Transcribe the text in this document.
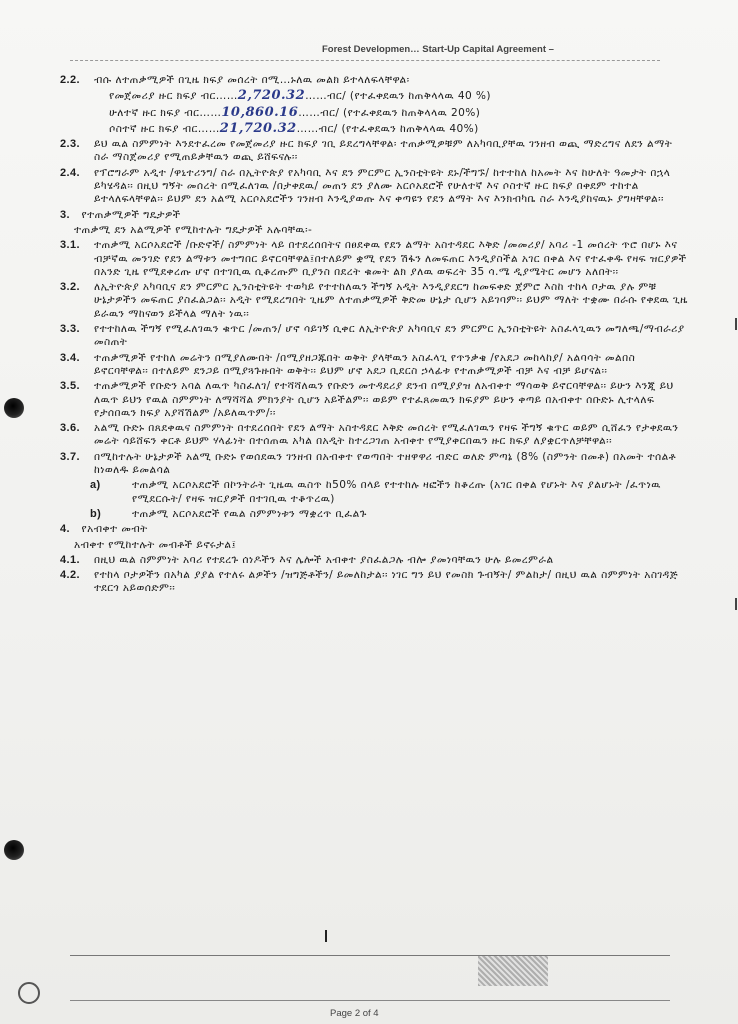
Forest Developmen… Start-Up Capital Agreement –
2.2. ብሱ ለተጠቃሚዎች በጊዜ ክፍያ መሰረት በሚ…ኑለዉ መልክ ይተላለፍላቸዋል፡
የመጀመሪያ ዙር ክፍያ ብር……2,720.32……ብር/ (የተፈቀደዉን ከጠቅላላዉ 40 %)
ሁለተኛ ዙር ክፍያ ብር……10,860.16……ብር/ (የተፈቀደዉን ከጠቅላላዉ 20%)
ሶስተኛ ዙር ክፍያ ብር……21,720.32……ብር/ (የተፈቀደዉን ከጠቅላላዉ 40%)
2.3. ይህ ዉል ስምምነት እንደተፈረመ የመጀመሪያ ዙር ክፍያ ገቢ ይደረግላቸዋል፡ ተጠቃሚዎቹም ለአካባቢያቸዉ ገንዘብ ወጪ ማድረግና ለደን ልማት ስራ ማስጀመሪያ የሚጠይቃቸዉን ወጪ ይሸፍናሉ፡፡
2.4. የፕሮግራም አዲተ /ዋኒተሪንግ/ ስራ በኢትዮጵያ የአካባቢ እና ደን ምርምር ኢንስቲትዩት ደኑ/ችግኙ/ ከተተከለ ከአመት እና ከሁለት ዓመታት በኋላ ይካሄዳል፡፡ በዚህ ግኝት መሰረት በሚፈለገዉ /በታቀደዉ/ መጠን ደን ያለሙ አርሶአደሮች የሁለተኛ እና ሶስተኛ ዙር ክፍያ በቀደም ተከተል ይተላለፍላቸዋል፡፡ ይህም ደን አልሚ አርሶአደሮችን ገንዘብ እንዲያወጡ እና ቀጣዩን የደን ልማት እና እንክብካቤ ስራ እንዲያከናዉኑ ያግዛቸዋል፡፡
3. የተጠቃሚዎች ግዴታዎች
ተጠቃሚ ደን አልሚዎች የሚከተሉት ግዴታዎች አሉባቸዉ፡-
3.1. ተጠቃሚ አርሶአደሮች /ቡድኖች/ ስምምነት ላይ በተደረሰበትና በፀደቀዉ የደን ልማት አስተዳደር እቅድ /መመሪያ/ አባሪ -1 መሰረት ጥሮ በሆኑ እና ብቻኛዉ መንገድ የደን ልማቱን መተግበር ይኖርባቸዋል፤በተለይም ቋሚ የደን ሽፋን ለመፍጠር እንዲያስችል አገር በቀል እና የተፈቀዱ የዛፍ ዝርያዎች በአንድ ጊዜ የሚደቀረጡ ሆኖ በተገቢዉ ሲቆረጡም ቢያንስ በደረት ቁመት ልክ ያለዉ ወፍረት 35 ሳ.ሜ ዲያሜትር መሆን አለበት፡፡
3.2. ለኢትዮጵያ አካባቢና ደን ምርምር ኢንስቲትዩት ተወካይ የተተከለዉን ችግኝ አዲት እንዲያደርግ ከመፍቀድ ጀምሮ እስከ ተከላ ቦታዉ ያሉ ምቹ ሁኔታዎችን መፍጠር ያስፈልጋል፡፡ አዲት የሚደረግበት ጊዜም ለተጠቃሚዎች ቅድመ ሁኔታ ሲሆን አይገባም፡፡ ይህም ማለት ተቋሙ በራሱ የቀደዉ ጊዜ ይራዉን ማከናወን ይችላል ማለት ነዉ፡፡
3.3. የተተከለዉ ችግኝ የሚፈለገዉን ቁጥር /መጠን/ ሆኖ ሳይገኝ ሲቀር ለኢትዮጵያ አካባቢና ደን ምርምር ኢንስቲትዩት አስፈላጊዉን መግለጫ/ማብራሪያ መስጠት
3.4. ተጠቃሚዎች የተከለ መሬትን በሚያለሙበት /በሚያዘጋጁበት ወቅት ያላቸዉን አስፈላጊ የጥንቃቄ /የአደጋ መከላከያ/ አልባሳት መልበስ ይኖርባቸዋል፡፡ በተለይም ደንጋይ በሚያጓጉዙበት ወቅት፡፡ ይህም ሆኖ አደጋ ቢደርስ ኃላፊቱ የተጠቃሚዎች ብቻ እና ብቻ ይሆናል፡፡
3.5. ተጠቃሚዎች የቡድን አባል ለዉጥ ካስፈለገ/ የተሻሻለዉን የቡድን መተዳደሪያ ደንብ በሚያያዝ ለአብቀተ ማሳወቅ ይኖርባቸዋል፡፡ ይሁን እንጂ ይህ ለዉጥ ይህን የዉል ስምምነት ለማሻሻል ምክንያት ሲሆን አይችልም፡፡ ወይም የተፈጸመዉን ክፍያም ይሁን ቀጣይ በአብቀተ ሰቡድኑ ሊተላለፍ የታሰበዉን ክፍያ አያሻሽልም /አይለዉጥም/፡፡
3.6. አልሚ ቡድኑ በጸደቀዉና ስምምነት በተደረሰበት የደን ልማት አስተዳደር እቅድ መሰረት የሚፈለገዉን የዛፍ ችግኝ ቁጥር ወይም ሲሸፈን የታቀደዉን መሬት ሳይሸፍን ቀርቶ ይህም ሃላፊነት በተሰጠዉ አካል በአዲት ከተረጋገጠ አብቀተ የሚያቀርበዉን ዙር ክፍያ ለያቋርጥለቻቸዋል፡፡
3.7. በሚከተሉት ሁኔታዎች አልሚ ቡድኑ የወሰደዉን ገንዘብ በአብቀተ የወጣበት ተዘዋዋሪ ብድር ወለድ ምጣኔ (8% (ስምንት በመቶ) በአመት ተሰልቶ ከነወለዱ ይመልሳል
a)	ተጠቃሚ አርሶአደሮች በኮንትራት ጊዜዉ ዉስጥ ከ50% በላይ የተተከሉ ዛፎችን ከቆረጡ (አገር በቀል የሆኑት እና ያልሆኑት /ፈጥነዉ የሚደርሱት/ የዛፍ ዝርያዎች በተገቢዉ ተቆጥረዉ)
b)	ተጠቃሚ አርሶአደሮች የዉል ስምምነቱን ማቋረጥ ቢፈልጉ
4. የአብቀተ መብት
አብቀተ የሚከተሉት መብቶች ይኖሩታል፤
4.1. በዚህ ዉል ስምምነት አባሪ የተደረጉ ሰነዶችን እና ሌሎች አብቀተ ያስፈልጋሉ ብሎ ያመነባቸዉን ሁሉ ይመረምራል
4.2. የተከላ ቦታዎችን በአካል ያያል የተለሩ ልዎችን /ዝግጅቶችን/ ይመለከታል፡፡ ነገር ግን ይህ የመስክ ጉብኝት/ ምልከታ/ በዚህ ዉል ስምምነት አስገዳጅ ተደርጎ አይወሰድም፡፡
Page 2 of 4
